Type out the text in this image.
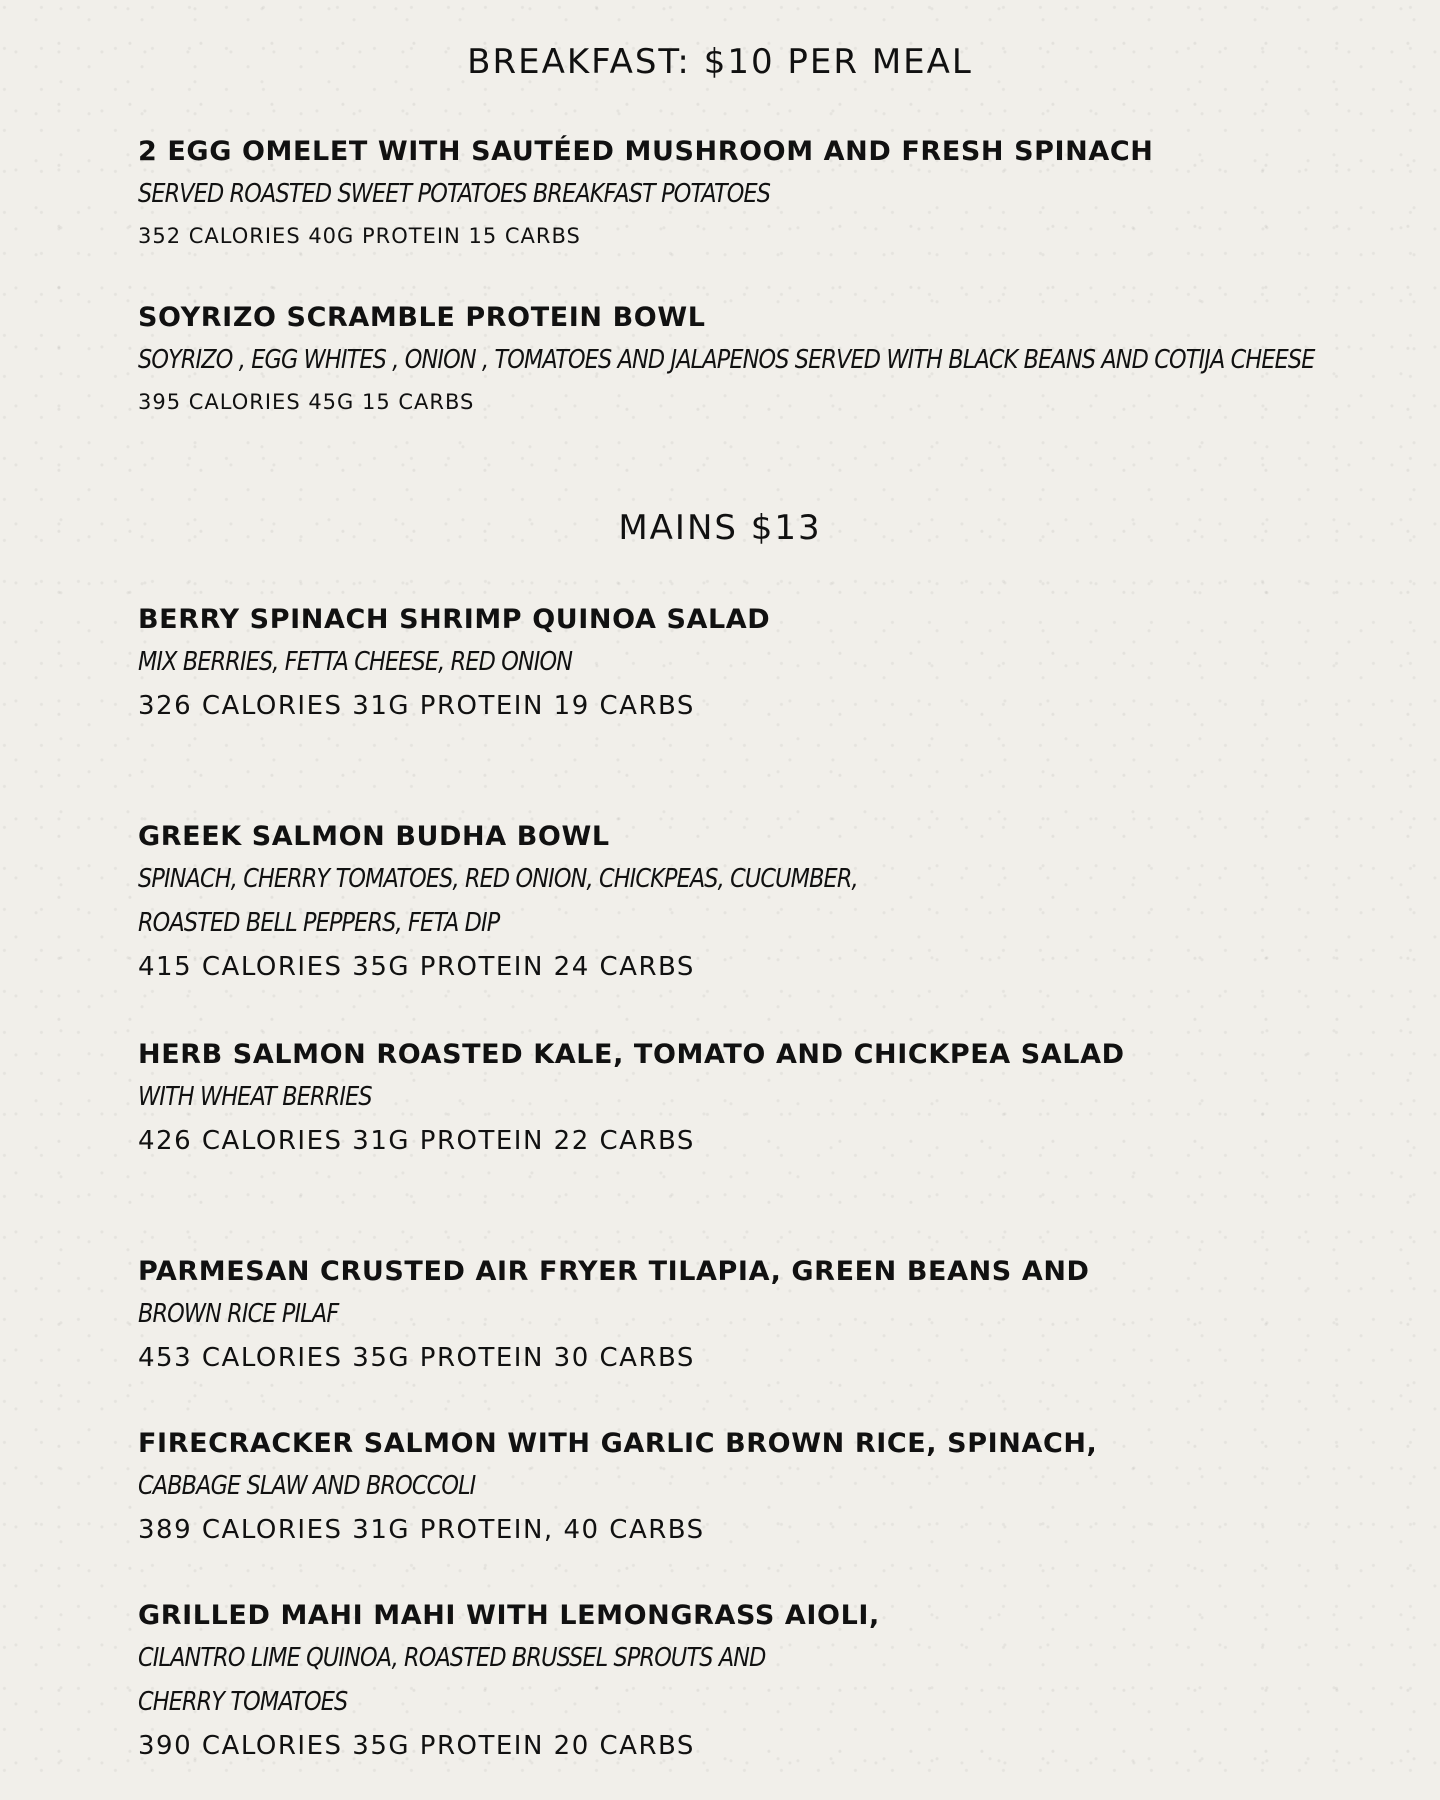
BREAKFAST: $10 PER MEAL
2 EGG OMELET WITH SAUTÉED MUSHROOM AND FRESH SPINACH
SERVED ROASTED SWEET POTATOES BREAKFAST POTATOES
352 CALORIES 40G PROTEIN 15 CARBS
SOYRIZO SCRAMBLE PROTEIN BOWL
SOYRIZO , EGG WHITES , ONION , TOMATOES AND JALAPENOS SERVED WITH BLACK BEANS AND COTIJA CHEESE
395 CALORIES 45G 15 CARBS
MAINS $13
BERRY SPINACH SHRIMP QUINOA SALAD
MIX BERRIES, FETTA CHEESE, RED ONION
326 CALORIES 31G PROTEIN 19 CARBS
GREEK SALMON BUDHA BOWL
SPINACH, CHERRY TOMATOES, RED ONION, CHICKPEAS, CUCUMBER, ROASTED BELL PEPPERS, FETA DIP
415 CALORIES 35G PROTEIN 24 CARBS
HERB SALMON ROASTED KALE, TOMATO AND CHICKPEA SALAD
WITH WHEAT BERRIES
426 CALORIES 31G PROTEIN 22 CARBS
PARMESAN CRUSTED AIR FRYER TILAPIA, GREEN BEANS AND
BROWN RICE PILAF
453 CALORIES 35G PROTEIN 30 CARBS
FIRECRACKER SALMON WITH GARLIC BROWN RICE, SPINACH,
CABBAGE SLAW AND BROCCOLI
389 CALORIES 31G PROTEIN, 40 CARBS
GRILLED MAHI MAHI WITH LEMONGRASS AIOLI,
CILANTRO LIME QUINOA, ROASTED BRUSSEL SPROUTS AND CHERRY TOMATOES
390 CALORIES 35G PROTEIN 20 CARBS
